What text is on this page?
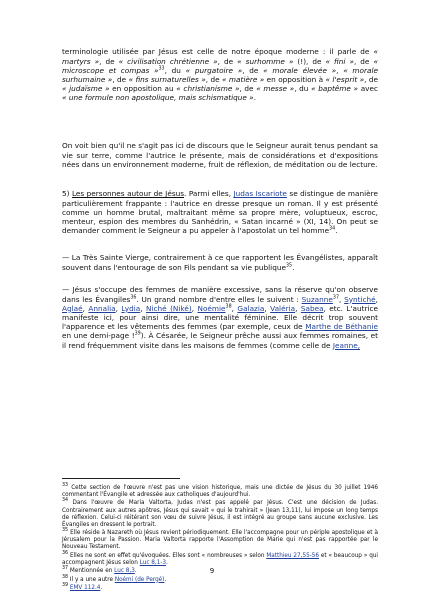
terminologie utilisée par Jésus est celle de notre époque moderne : il parle de « martyrs », de « civilisation chrétienne », de « surhomme » (!), de « fini », de « microscope et compas »$^{33}$, du « purgatoire », de « morale élevée », « morale surhumaine », de « fins surnaturelles », de « matière » en opposition à « l'esprit », de « judaïsme » en opposition au « christianisme », de « messe », du « baptême » avec « une formule non apostolique, mais schismatique ».

On voit bien qu'il ne s'agit pas ici de discours que le Seigneur aurait tenus pendant sa vie sur terre, comme l'autrice le présente, mais de considérations et d'expositions nées dans un environnement moderne, fruit de réflexion, de méditation ou de lecture.

5) Les personnes autour de Jésus. Parmi elles, Judas Iscariote se distingue de manière particulièrement frappante : l'autrice en dresse presque un roman. Il y est présenté comme un homme brutal, maltraitant même sa propre mère, voluptueux, escroc, menteur, espion des membres du Sanhédrin, « Satan incarné » (XI, 14). On peut se demander comment le Seigneur a pu appeler à l'apostolat un tel homme$^{34}$.

— La Très Sainte Vierge, contrairement à ce que rapportent les Évangélistes, apparaît souvent dans l'entourage de son Fils pendant sa vie publique$^{35}$.

— Jésus s'occupe des femmes de manière excessive, sans la réserve qu'on observe dans les Évangiles$^{36}$. Un grand nombre d'entre elles le suivent : Suzanne$^{37}$, Syntiché, Aglaé, Annalia, Lydia, Niché (Niké), Noémie$^{38}$, Galazia, Valéria, Sabea, etc. L'autrice manifeste ici, pour ainsi dire, une mentalité féminine. Elle décrit trop souvent l'apparence et les vêtements des femmes (par exemple, ceux de Marthe de Béthanie en une demi-page !$^{39}$). À Césarée, le Seigneur prêche aussi aux femmes romaines, et il rend fréquemment visite dans les maisons de femmes (comme celle de Jeanne,

$^{33}$ Cette section de l'œuvre n'est pas une vision historique, mais une dictée de Jésus du 30 juillet 1946 commentant l'Évangile et adressée aux catholiques d'aujourd'hui.

$^{34}$ Dans l'œuvre de Maria Valtorta, Judas n'est pas appelé par Jésus. C'est une décision de Judas. Contrairement aux autres apôtres, Jésus qui savait « qui le trahirait » (Jean 13,11), lui impose un long temps de réflexion. Celui-ci réitérant son vœu de suivre Jésus, il est intégré au groupe sans aucune exclusive. Les Évangiles en dressent le portrait.

$^{35}$ Elle réside à Nazareth où Jésus revient périodiquement. Elle l'accompagne pour un périple apostolique et à Jérusalem pour la Passion. Maria Valtorta rapporte l'Assomption de Marie qui n'est pas rapportée par le Nouveau Testament.

$^{36}$ Elles ne sont en effet qu'évoquées. Elles sont « nombreuses » selon Matthieu 27,55-56 et « beaucoup » qui accompagnent Jésus selon Luc 8,1-3.

$^{37}$ Mentionnée en Luc 8,3.

$^{38}$ Il y a une autre Noémi (de Pergé).

$^{39}$ EMV 112.4.

9
